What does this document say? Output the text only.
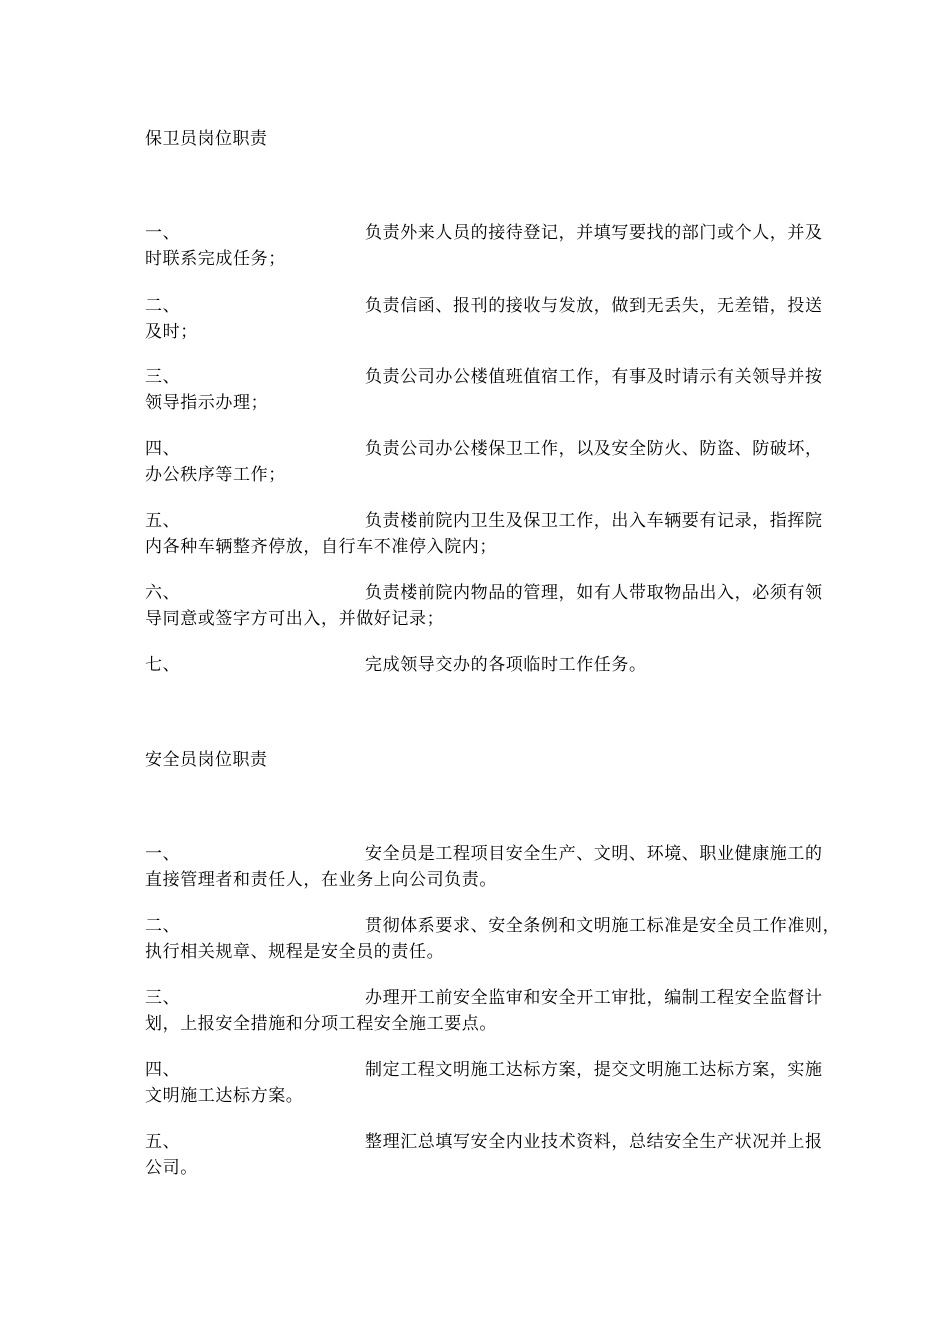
保卫员岗位职责
一、	负责外来人员的接待登记，并填写要找的部门或个人，并及
时联系完成任务；
二、	负责信函、报刊的接收与发放，做到无丢失，无差错，投送
及时；
三、	负责公司办公楼值班值宿工作，有事及时请示有关领导并按
领导指示办理；
四、	负责公司办公楼保卫工作，以及安全防火、防盗、防破坏，
办公秩序等工作；
五、	负责楼前院内卫生及保卫工作，出入车辆要有记录，指挥院
内各种车辆整齐停放，自行车不准停入院内；
六、	负责楼前院内物品的管理，如有人带取物品出入，必须有领
导同意或签字方可出入，并做好记录；
七、	完成领导交办的各项临时工作任务。
安全员岗位职责
一、	安全员是工程项目安全生产、文明、环境、职业健康施工的
直接管理者和责任人，在业务上向公司负责。
二、	贯彻体系要求、安全条例和文明施工标准是安全员工作准则，
执行相关规章、规程是安全员的责任。
三、	办理开工前安全监审和安全开工审批，编制工程安全监督计
划，上报安全措施和分项工程安全施工要点。
四、	制定工程文明施工达标方案，提交文明施工达标方案，实施
文明施工达标方案。
五、	整理汇总填写安全内业技术资料，总结安全生产状况并上报
公司。
